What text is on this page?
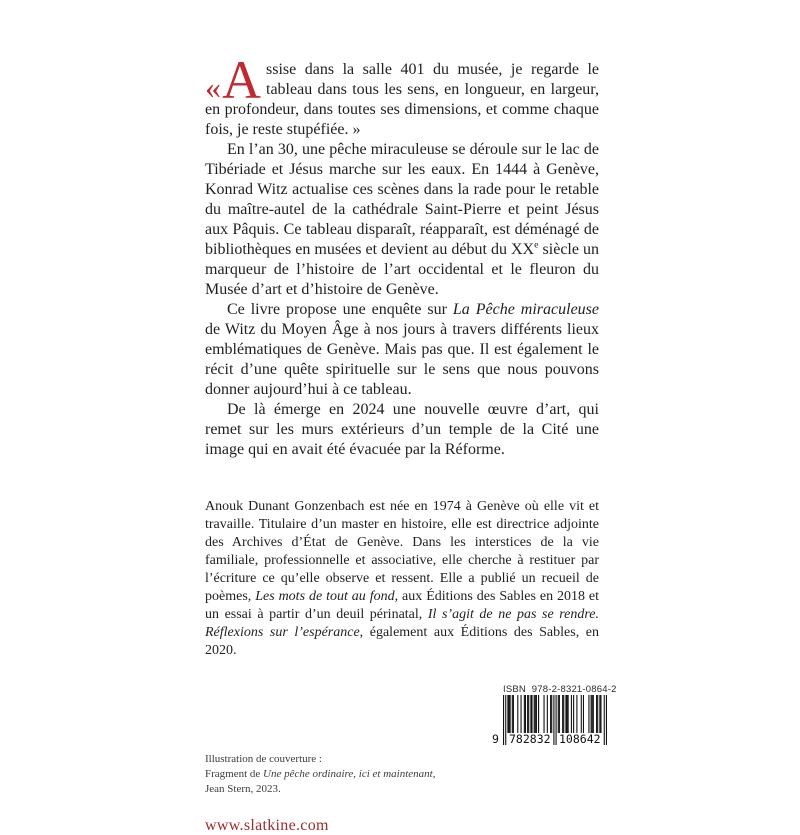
«A ssise dans la salle 401 du musée, je regarde le tableau dans tous les sens, en longueur, en largeur, en profondeur, dans toutes ses dimensions, et comme chaque fois, je reste stupéfiée. »

En l’an 30, une pêche miraculeuse se déroule sur le lac de Tibériade et Jésus marche sur les eaux. En 1444 à Genève, Konrad Witz actualise ces scènes dans la rade pour le retable du maître-autel de la cathédrale Saint-Pierre et peint Jésus aux Pâquis. Ce tableau disparaît, réapparaît, est déménagé de bibliothèques en musées et devient au début du XXe siècle un marqueur de l’histoire de l’art occidental et le fleuron du Musée d’art et d’histoire de Genève.

Ce livre propose une enquête sur La Pêche miraculeuse de Witz du Moyen Âge à nos jours à travers différents lieux emblématiques de Genève. Mais pas que. Il est également le récit d’une quête spirituelle sur le sens que nous pouvons donner aujourd’hui à ce tableau.

De là émerge en 2024 une nouvelle œuvre d’art, qui remet sur les murs extérieurs d’un temple de la Cité une image qui en avait été évacuée par la Réforme.

Anouk Dunant Gonzenbach est née en 1974 à Genève où elle vit et travaille. Titulaire d’un master en histoire, elle est directrice adjointe des Archives d’État de Genève. Dans les interstices de la vie familiale, professionnelle et associative, elle cherche à restituer par l’écriture ce qu’elle observe et ressent. Elle a publié un recueil de poèmes, Les mots de tout au fond, aux Éditions des Sables en 2018 et un essai à partir d’un deuil périnatal, Il s’agit de ne pas se rendre. Réflexions sur l’espérance, également aux Éditions des Sables, en 2020.

Illustration de couverture :
Fragment de Une pêche ordinaire, ici et maintenant,
Jean Stern, 2023.
www.slatkine.com
ISBN 978-2-8321-0864-2
9 782832 108642
